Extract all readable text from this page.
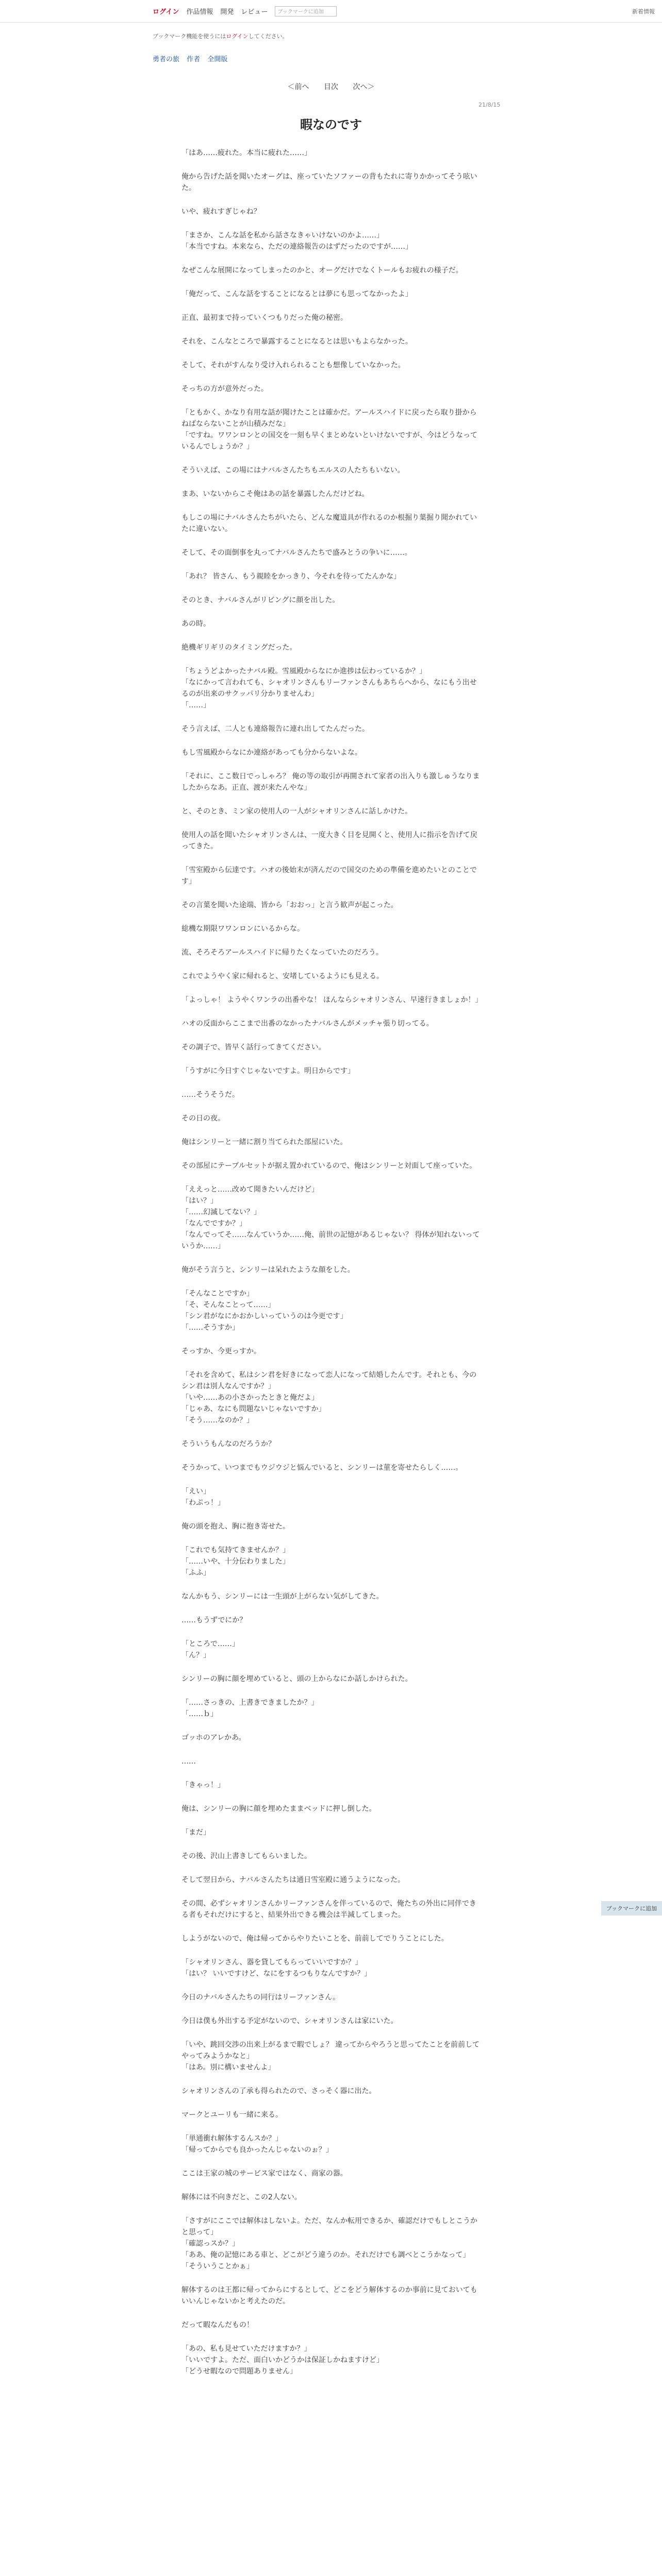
ログイン 作品情報 開発 レビュー	ブックマークに追加	新着情報
ブックマーク機能を使うにはログインしてください。
勇者の旅 作者 全開版
＜前へ 目次 次へ＞
21/8/15
暇なのです

「はあ……疲れた。本当に疲れた……」

俺から告げた話を聞いたオーグは、座っていたソファーの背もたれに寄りかかってそう呟いた。

いや、疲れすぎじゃね？

「まさか、こんな話を私から話さなきゃいけないのかよ……」
「本当ですね。本来なら、ただの連絡報告のはずだったのですが……」

なぜこんな展開になってしまったのかと、オーグだけでなくトールもお疲れの様子だ。

「俺だって、こんな話をすることになるとは夢にも思ってなかったよ」

正直、最初まで持っていくつもりだった俺の秘密。

それを、こんなところで暴露することになるとは思いもよらなかった。

そして、それがすんなり受け入れられることも想像していなかった。

そっちの方が意外だった。

「ともかく、かなり有用な話が聞けたことは確かだ。アールスハイドに戻ったら取り掛からねばならないことが山積みだな」
「ですね。ワワンロンとの国交を一刻も早くまとめないといけないですが、今はどうなっているんでしょうか？」

そういえば、この場にはナバルさんたちもエルスの人たちもいない。

まあ、いないからこそ俺はあの話を暴露したんだけどね。

もしこの場にナバルさんたちがいたら、どんな魔道具が作れるのか根掘り葉掘り聞かれていたに違いない。

そして、その面倒事を丸ってナバルさんたちで盛みとうの争いに……。

「あれ？ 皆さん、もう親睦をかっきり、今それを待ってたんかな」

そのとき、ナバルさんがリビングに顔を出した。

あの時。

絶機ギリギリのタイミングだった。

「ちょうどよかったナバル殿。雪風殿からなにか進捗は伝わっているか？」
「なにかって言われても、シャオリンさんもリーファンさんもあちらへから、なにもう出せるのが出来のサクッパリ分かりませんわ」
「……」

そう言えば、二人とも連絡報告に連れ出してたんだった。

もし雪風殿からなにか連絡があっても分からないよな。

「それに、ここ数日でっしゃろ？ 俺の等の取引が再開されて家者の出入りも激しゅうなりましたからなあ。正直、渡が来たんやな」

と、そのとき、ミン家の使用人の一人がシャオリンさんに話しかけた。

使用人の話を聞いたシャオリンさんは、一度大きく目を見開くと、使用人に指示を告げて戻ってきた。

「雪室殿から伝達です。ハオの後始末が済んだので国交のための準備を進めたいとのことです」

その言葉を聞いた途端、皆から「おおっ」と言う歓声が起こった。

総機な期限ワワンロンにいるからな。

流、そろそろアールスハイドに帰りたくなっていたのだろう。

これでようやく家に帰れると、安堵しているようにも見える。

「よっしゃ！ ようやくワンラの出番やな！ ほんならシャオリンさん、早速行きましょか！」

ハオの反面からここまで出番のなかったナバルさんがメッチャ張り切ってる。

その調子で、皆早く話行ってきてください。

「うすがに今日すぐじゃないですよ。明日からです」

……そうそうだ。

その日の夜。

俺はシンリーと一緒に割り当てられた部屋にいた。

その部屋にテーブルセットが据え置かれているので、俺はシンリーと対面して座っていた。

「ええっと……改めて聞きたいんだけど」
「はい？」
「……幻滅してない？」
「なんでですか？」
「なんでってそ……なんていうか……俺、前世の記憶があるじゃない？ 得体が知れないっていうか……」

俺がそう言うと、シンリーは呆れたような顔をした。

「そんなことですか」
「そ、そんなことって……」
「シン君がなにかおかしいっていうのは今更です」
「……そうすか」

そっすか、今更っすか。

「それを含めて、私はシン君を好きになって恋人になって結婚したんです。それとも、今のシン君は別人なんですか？」
「いや……あの小さかったときと俺だよ」
「じゃあ、なにも問題ないじゃないですか」
「そう……なのか？」

そういうもんなのだろうか？

そうかって、いつまでもウジウジと悩んでいると、シンリーは菫を寄せたらしく……。

「えい」
「わぷっ！」

俺の頭を抱え、胸に抱き寄せた。

「これでも気持てきませんか？」
「……いや、十分伝わりました」
「ふふ」

なんかもう、シンリーには一生頭が上がらない気がしてきた。

……もうずでにか？

「ところで……」
「ん？」

シンリーの胸に顔を埋めていると、頭の上からなにか話しかけられた。

「……さっきの、上書きできましたか？」
「……ｂ」

ゴッホのアレかあ。

……

「きゃっ！」

俺は、シンリーの胸に顔を埋めたままベッドに押し倒した。

「まだ」

その後、沢山上書きしてもらいました。

そして翌日から、ナバルさんたちは通日雪室殿に通うようになった。

その間、必ずシャオリンさんかリーファンさんを伴っているので、俺たちの外出に同伴できる者もそれだけにすると、結果外出できる機会は半減してしまった。

しようがないので、俺は帰ってからやりたいことを、前前してでりうことにした。

「シャオリンさん、器を貸してもらっていいですか？」
「はい？ いいですけど、なにをするつもりなんですか？」

今日のナバルさんたちの同行はリーファンさん。

今日は僕も外出する予定がないので、シャオリンさんは家にいた。

「いや、跳回交渉の出来上がるまで暇でしょ？ 違ってからやろうと思ってたことを前前してやってみようかなと」
「はあ。別に構いませんよ」

シャオリンさんの了承も得られたので、さっそく器に出た。

マークとユーリも一緒に来る。

「単通衝れ解体するんスか？」
「帰ってからでも良かったんじゃないのぉ？」

ここは王家の城のサービス家ではなく、商家の器。

解体には不向きだと、この2人ない。

「さすがにここでは解体はしないよ。ただ、なんか転用できるか、確認だけでもしとこうかと思って」
「確認っスか？」
「ああ、俺の記憶にある車と、どこがどう違うのか。それだけでも調べとこうかなって」
「そういうことかぁ」

解体するのは王都に帰ってからにするとして、どこをどう解体するのか事前に見ておいてもいいんじゃないかと考えたのだ。

だって暇なんだもの！

「あの、私も見せていただけますか？」
「いいですよ。ただ、面白いかどうかは保証しかねますけど」
「どうせ暇なので問題ありません」

ブックマークに追加
